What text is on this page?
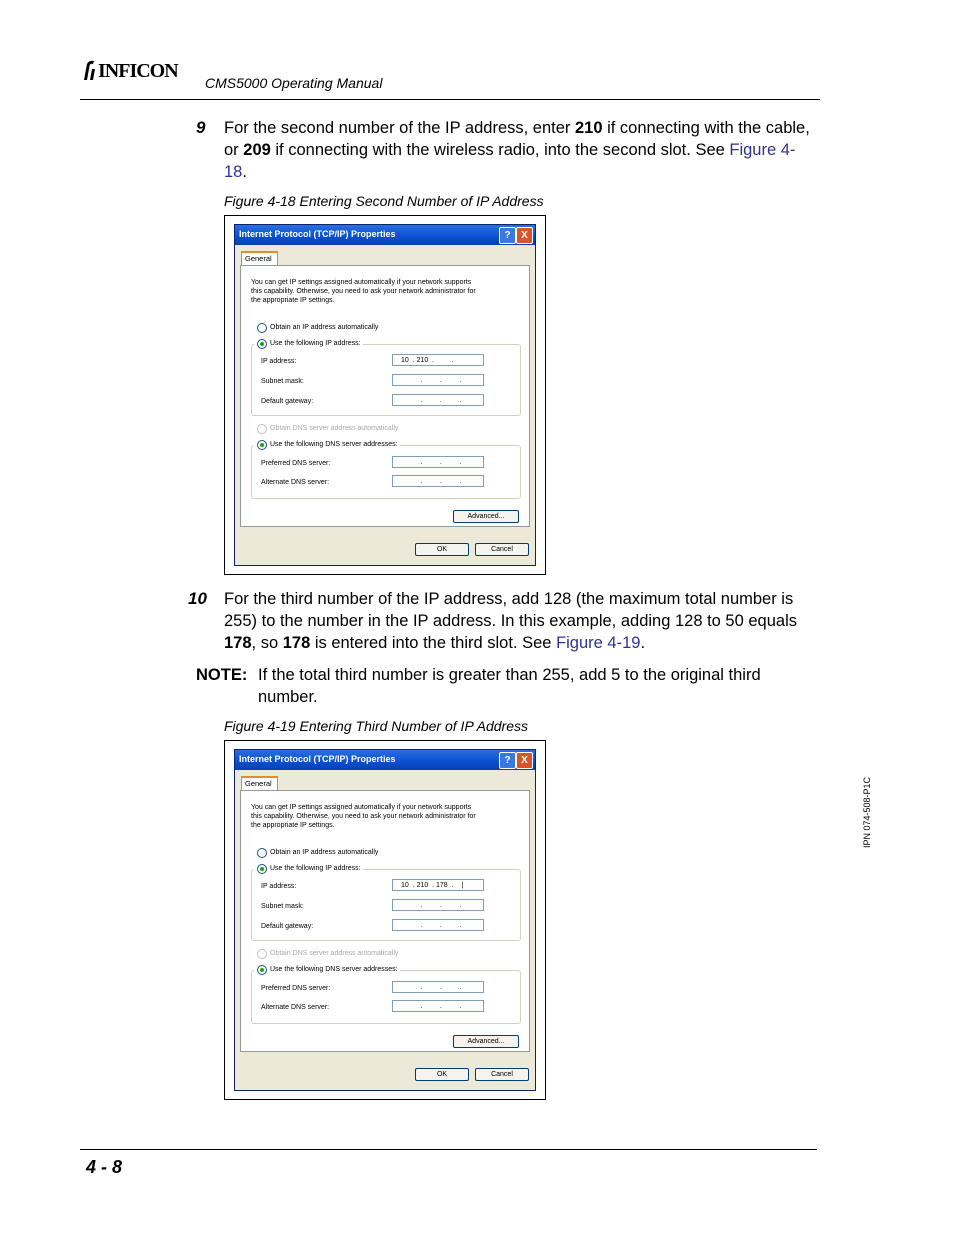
INFICON
CMS5000 Operating Manual
9 For the second number of the IP address, enter 210 if connecting with the cable, or 209 if connecting with the wireless radio, into the second slot. See Figure 4-18.
Figure 4-18 Entering Second Number of IP Address
Internet Protocol (TCP/IP) Properties	?	X
General
You can get IP settings assigned automatically if your network supports
this capability. Otherwise, you need to ask your network administrator for
the appropriate IP settings.
Obtain an IP address automatically
Use the following IP address:
IP address:	10  . 210  .         .
Subnet mask:	.         .         .
Default gateway:	.         .         .
Obtain DNS server address automatically
Use the following DNS server addresses:
Preferred DNS server:	.         .         .
Alternate DNS server:	.         .         .
Advanced...
OK	Cancel
10 For the third number of the IP address, add 128 (the maximum total number is 255) to the number in the IP address. In this example, adding 128 to 50 equals 178, so 178 is entered into the third slot. See Figure 4-19.
NOTE: If the total third number is greater than 255, add 5 to the original third number.
Figure 4-19 Entering Third Number of IP Address
Internet Protocol (TCP/IP) Properties	?	X
General
You can get IP settings assigned automatically if your network supports
this capability. Otherwise, you need to ask your network administrator for
the appropriate IP settings.
Obtain an IP address automatically
Use the following IP address:
IP address:	10  . 210  . 178  .    |
Subnet mask:	.         .         .
Default gateway:	.         .         .
Obtain DNS server address automatically
Use the following DNS server addresses:
Preferred DNS server:	.         .         .
Alternate DNS server:	.         .         .
Advanced...
OK	Cancel
IPN 074-508-P1C
4 - 8
